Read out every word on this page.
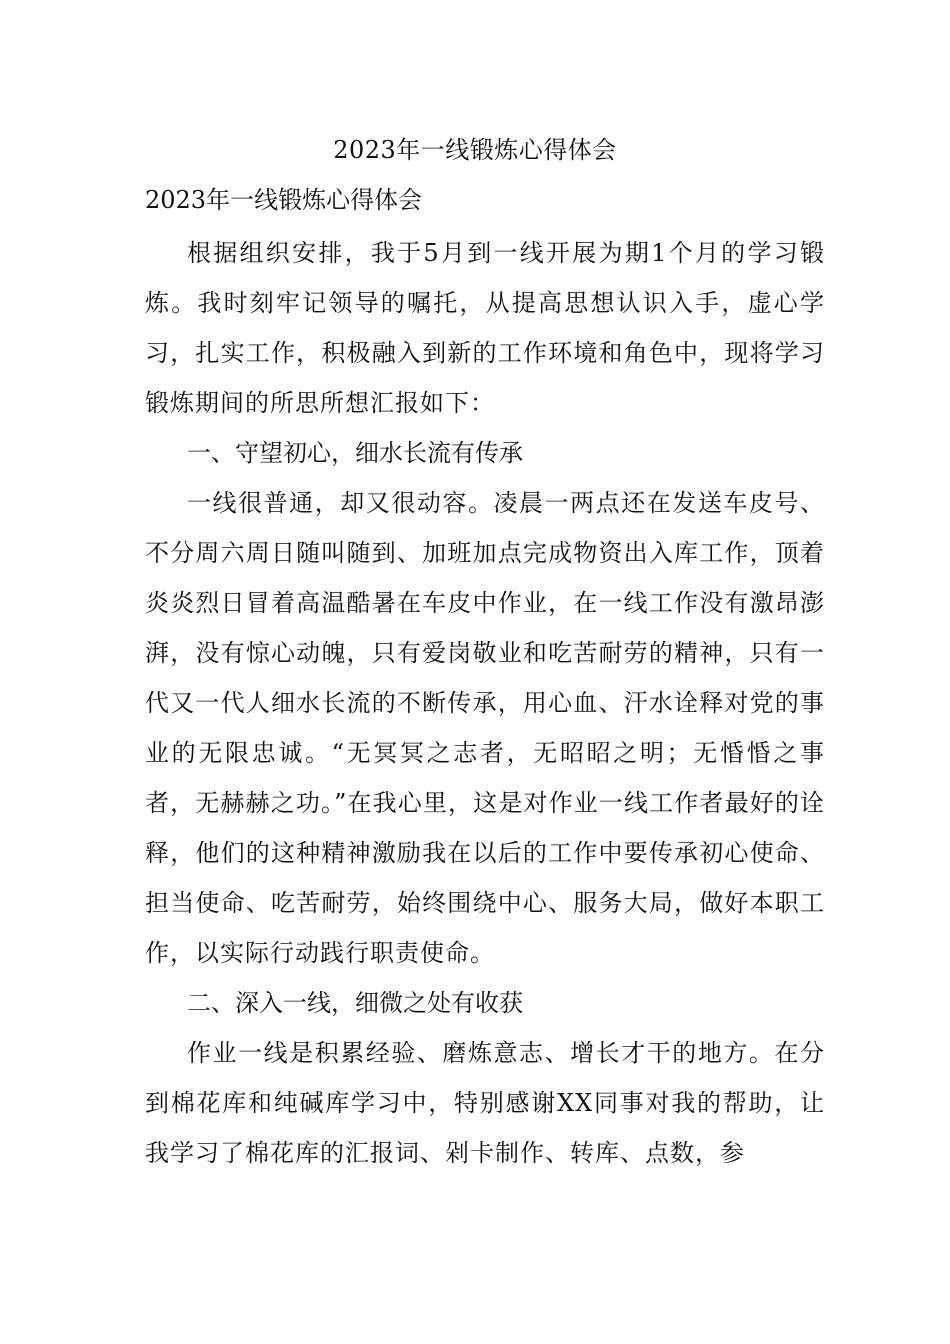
2023年一线锻炼心得体会

2023年一线锻炼心得体会

根据组织安排，我于5月到一线开展为期1个月的学习锻炼。我时刻牢记领导的嘱托，从提高思想认识入手，虚心学习，扎实工作，积极融入到新的工作环境和角色中，现将学习锻炼期间的所思所想汇报如下：

一、守望初心，细水长流有传承

一线很普通，却又很动容。凌晨一两点还在发送车皮号、不分周六周日随叫随到、加班加点完成物资出入库工作，顶着炎炎烈日冒着高温酷暑在车皮中作业，在一线工作没有激昂澎湃，没有惊心动魄，只有爱岗敬业和吃苦耐劳的精神，只有一代又一代人细水长流的不断传承，用心血、汗水诠释对党的事业的无限忠诚。“无冥冥之志者，无昭昭之明；无惛惛之事者，无赫赫之功。”在我心里，这是对作业一线工作者最好的诠释，他们的这种精神激励我在以后的工作中要传承初心使命、担当使命、吃苦耐劳，始终围绕中心、服务大局，做好本职工作，以实际行动践行职责使命。

二、深入一线，细微之处有收获

作业一线是积累经验、磨炼意志、增长才干的地方。在分到棉花库和纯碱库学习中，特别感谢XX同事对我的帮助，让我学习了棉花库的汇报词、剁卡制作、转库、点数，参
